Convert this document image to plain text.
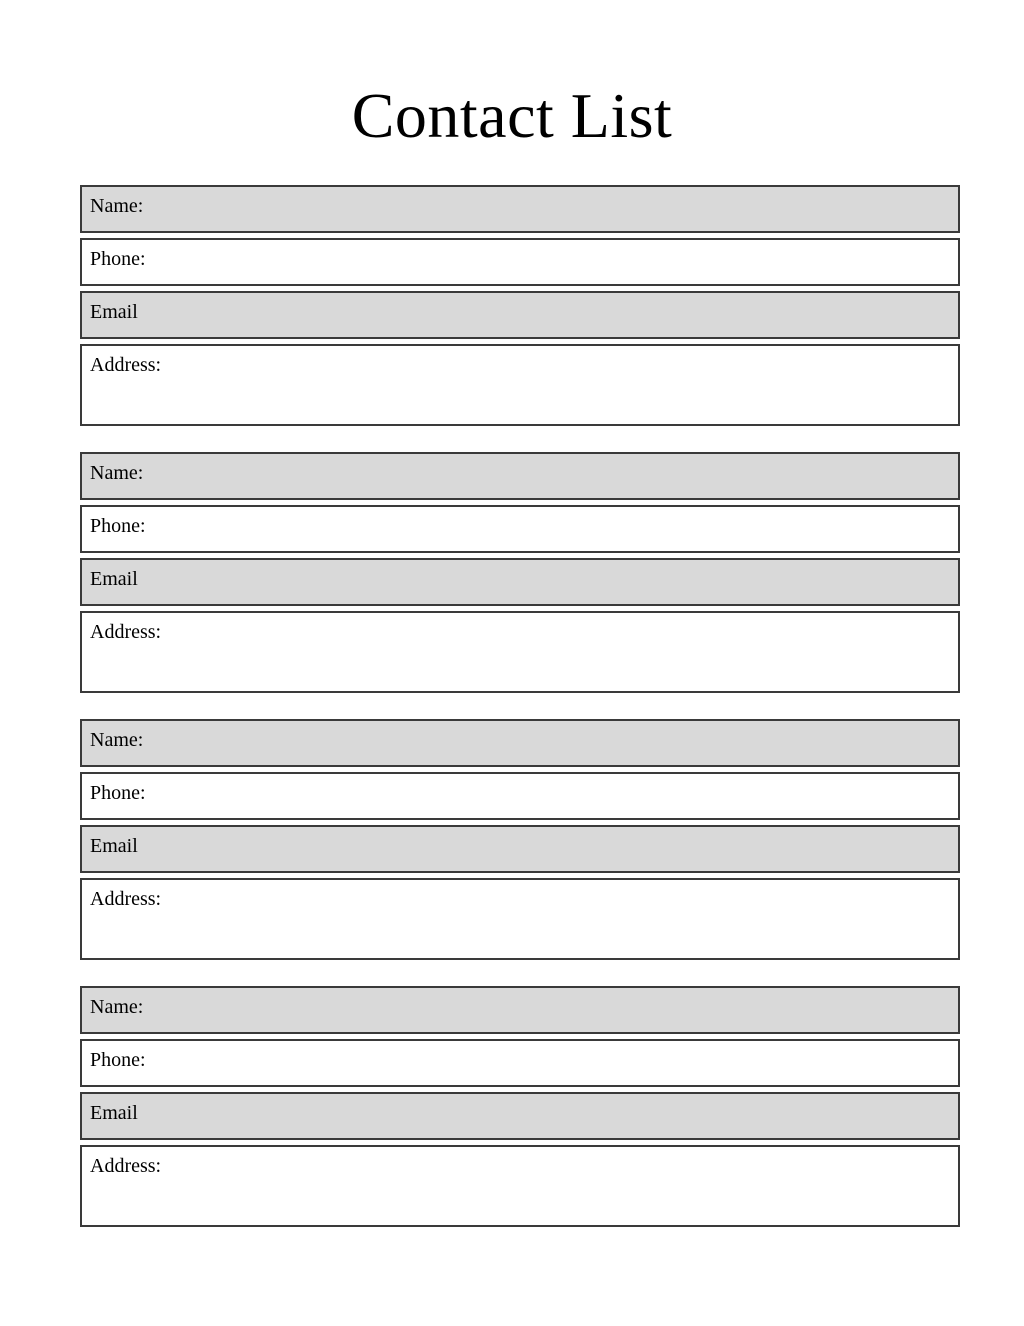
Contact List
Name:
Phone:
Email
Address:
Name:
Phone:
Email
Address:
Name:
Phone:
Email
Address:
Name:
Phone:
Email
Address:
